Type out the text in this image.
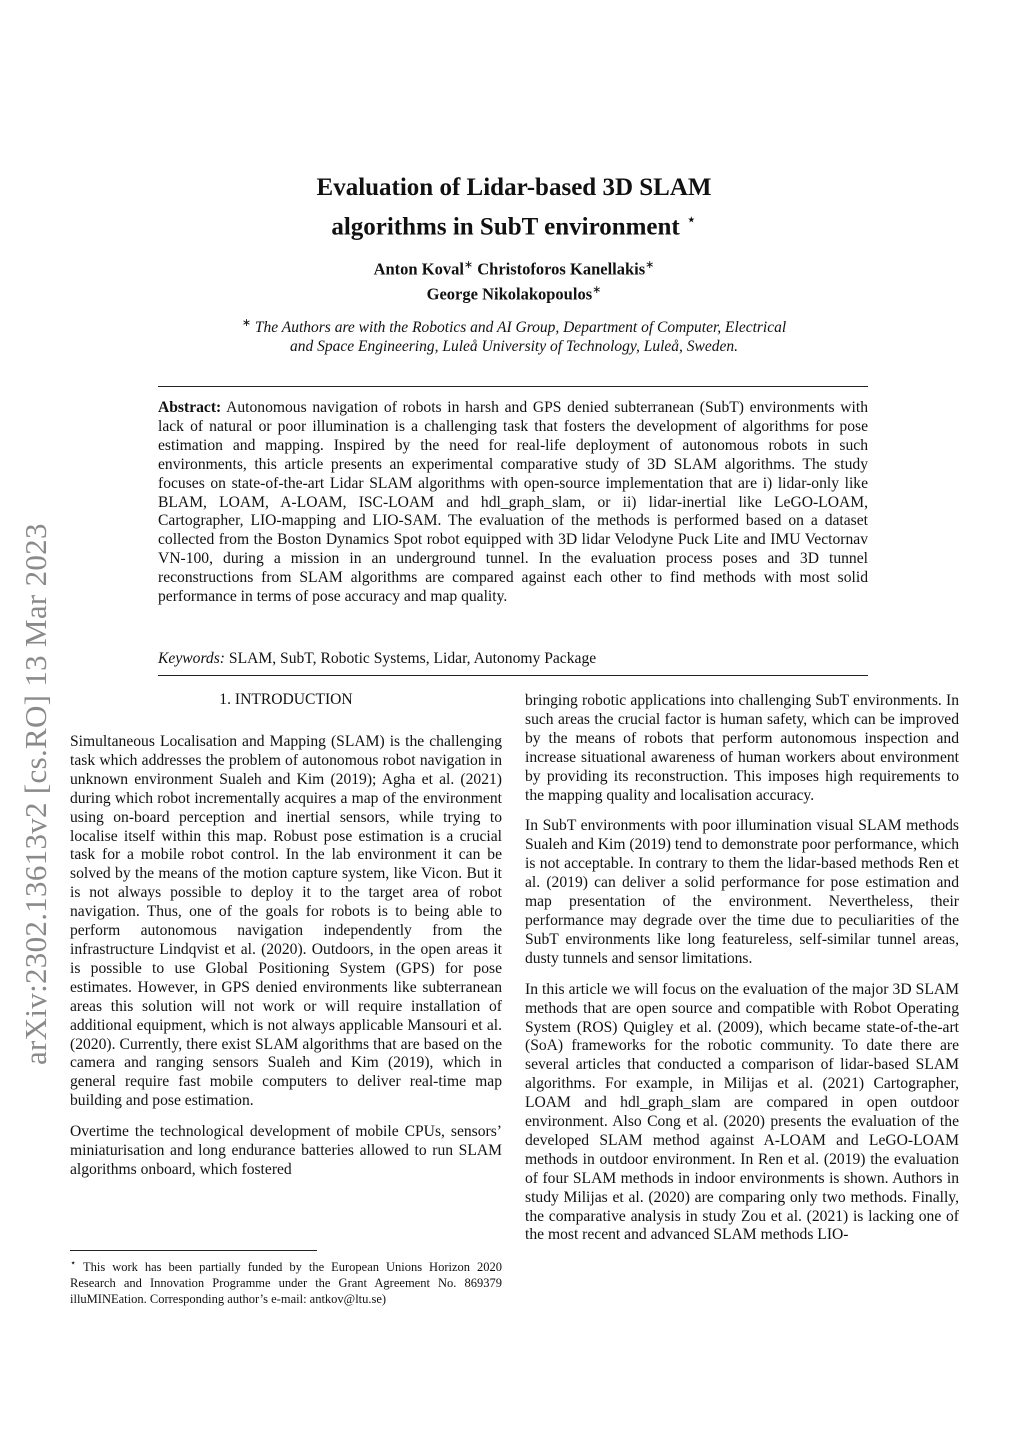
arXiv:2302.13613v2 [cs.RO] 13 Mar 2023
Evaluation of Lidar-based 3D SLAM
algorithms in SubT environment ⋆
Anton Koval∗ Christoforos Kanellakis∗
George Nikolakopoulos∗
∗ The Authors are with the Robotics and AI Group, Department of Computer, Electrical and Space Engineering, Luleå University of Technology, Luleå, Sweden.
Abstract: Autonomous navigation of robots in harsh and GPS denied subterranean (SubT) environments with lack of natural or poor illumination is a challenging task that fosters the development of algorithms for pose estimation and mapping. Inspired by the need for real-life deployment of autonomous robots in such environments, this article presents an experimental comparative study of 3D SLAM algorithms. The study focuses on state-of-the-art Lidar SLAM algorithms with open-source implementation that are i) lidar-only like BLAM, LOAM, A-LOAM, ISC-LOAM and hdl_graph_slam, or ii) lidar-inertial like LeGO-LOAM, Cartographer, LIO-mapping and LIO-SAM. The evaluation of the methods is performed based on a dataset collected from the Boston Dynamics Spot robot equipped with 3D lidar Velodyne Puck Lite and IMU Vectornav VN-100, during a mission in an underground tunnel. In the evaluation process poses and 3D tunnel reconstructions from SLAM algorithms are compared against each other to find methods with most solid performance in terms of pose accuracy and map quality.
Keywords: SLAM, SubT, Robotic Systems, Lidar, Autonomy Package
1. INTRODUCTION

Simultaneous Localisation and Mapping (SLAM) is the challenging task which addresses the problem of autonomous robot navigation in unknown environment Sualeh and Kim (2019); Agha et al. (2021) during which robot incrementally acquires a map of the environment using on-board perception and inertial sensors, while trying to localise itself within this map. Robust pose estimation is a crucial task for a mobile robot control. In the lab environment it can be solved by the means of the motion capture system, like Vicon. But it is not always possible to deploy it to the target area of robot navigation. Thus, one of the goals for robots is to being able to perform autonomous navigation independently from the infrastructure Lindqvist et al. (2020). Outdoors, in the open areas it is possible to use Global Positioning System (GPS) for pose estimates. However, in GPS denied environments like subterranean areas this solution will not work or will require installation of additional equipment, which is not always applicable Mansouri et al. (2020). Currently, there exist SLAM algorithms that are based on the camera and ranging sensors Sualeh and Kim (2019), which in general require fast mobile computers to deliver real-time map building and pose estimation.

Overtime the technological development of mobile CPUs, sensors’ miniaturisation and long endurance batteries allowed to run SLAM algorithms onboard, which fostered

bringing robotic applications into challenging SubT environments. In such areas the crucial factor is human safety, which can be improved by the means of robots that perform autonomous inspection and increase situational awareness of human workers about environment by providing its reconstruction. This imposes high requirements to the mapping quality and localisation accuracy.

In SubT environments with poor illumination visual SLAM methods Sualeh and Kim (2019) tend to demonstrate poor performance, which is not acceptable. In contrary to them the lidar-based methods Ren et al. (2019) can deliver a solid performance for pose estimation and map presentation of the environment. Nevertheless, their performance may degrade over the time due to peculiarities of the SubT environments like long featureless, self-similar tunnel areas, dusty tunnels and sensor limitations.

In this article we will focus on the evaluation of the major 3D SLAM methods that are open source and compatible with Robot Operating System (ROS) Quigley et al. (2009), which became state-of-the-art (SoA) frameworks for the robotic community. To date there are several articles that conducted a comparison of lidar-based SLAM algorithms. For example, in Milijas et al. (2021) Cartographer, LOAM and hdl_graph_slam are compared in open outdoor environment. Also Cong et al. (2020) presents the evaluation of the developed SLAM method against A-LOAM and LeGO-LOAM methods in outdoor environment. In Ren et al. (2019) the evaluation of four SLAM methods in indoor environments is shown. Authors in study Milijas et al. (2020) are comparing only two methods. Finally, the comparative analysis in study Zou et al. (2021) is lacking one of the most recent and advanced SLAM methods LIO-

⋆ This work has been partially funded by the European Unions Horizon 2020 Research and Innovation Programme under the Grant Agreement No. 869379 illuMINEation. Corresponding author’s e-mail: antkov@ltu.se)
